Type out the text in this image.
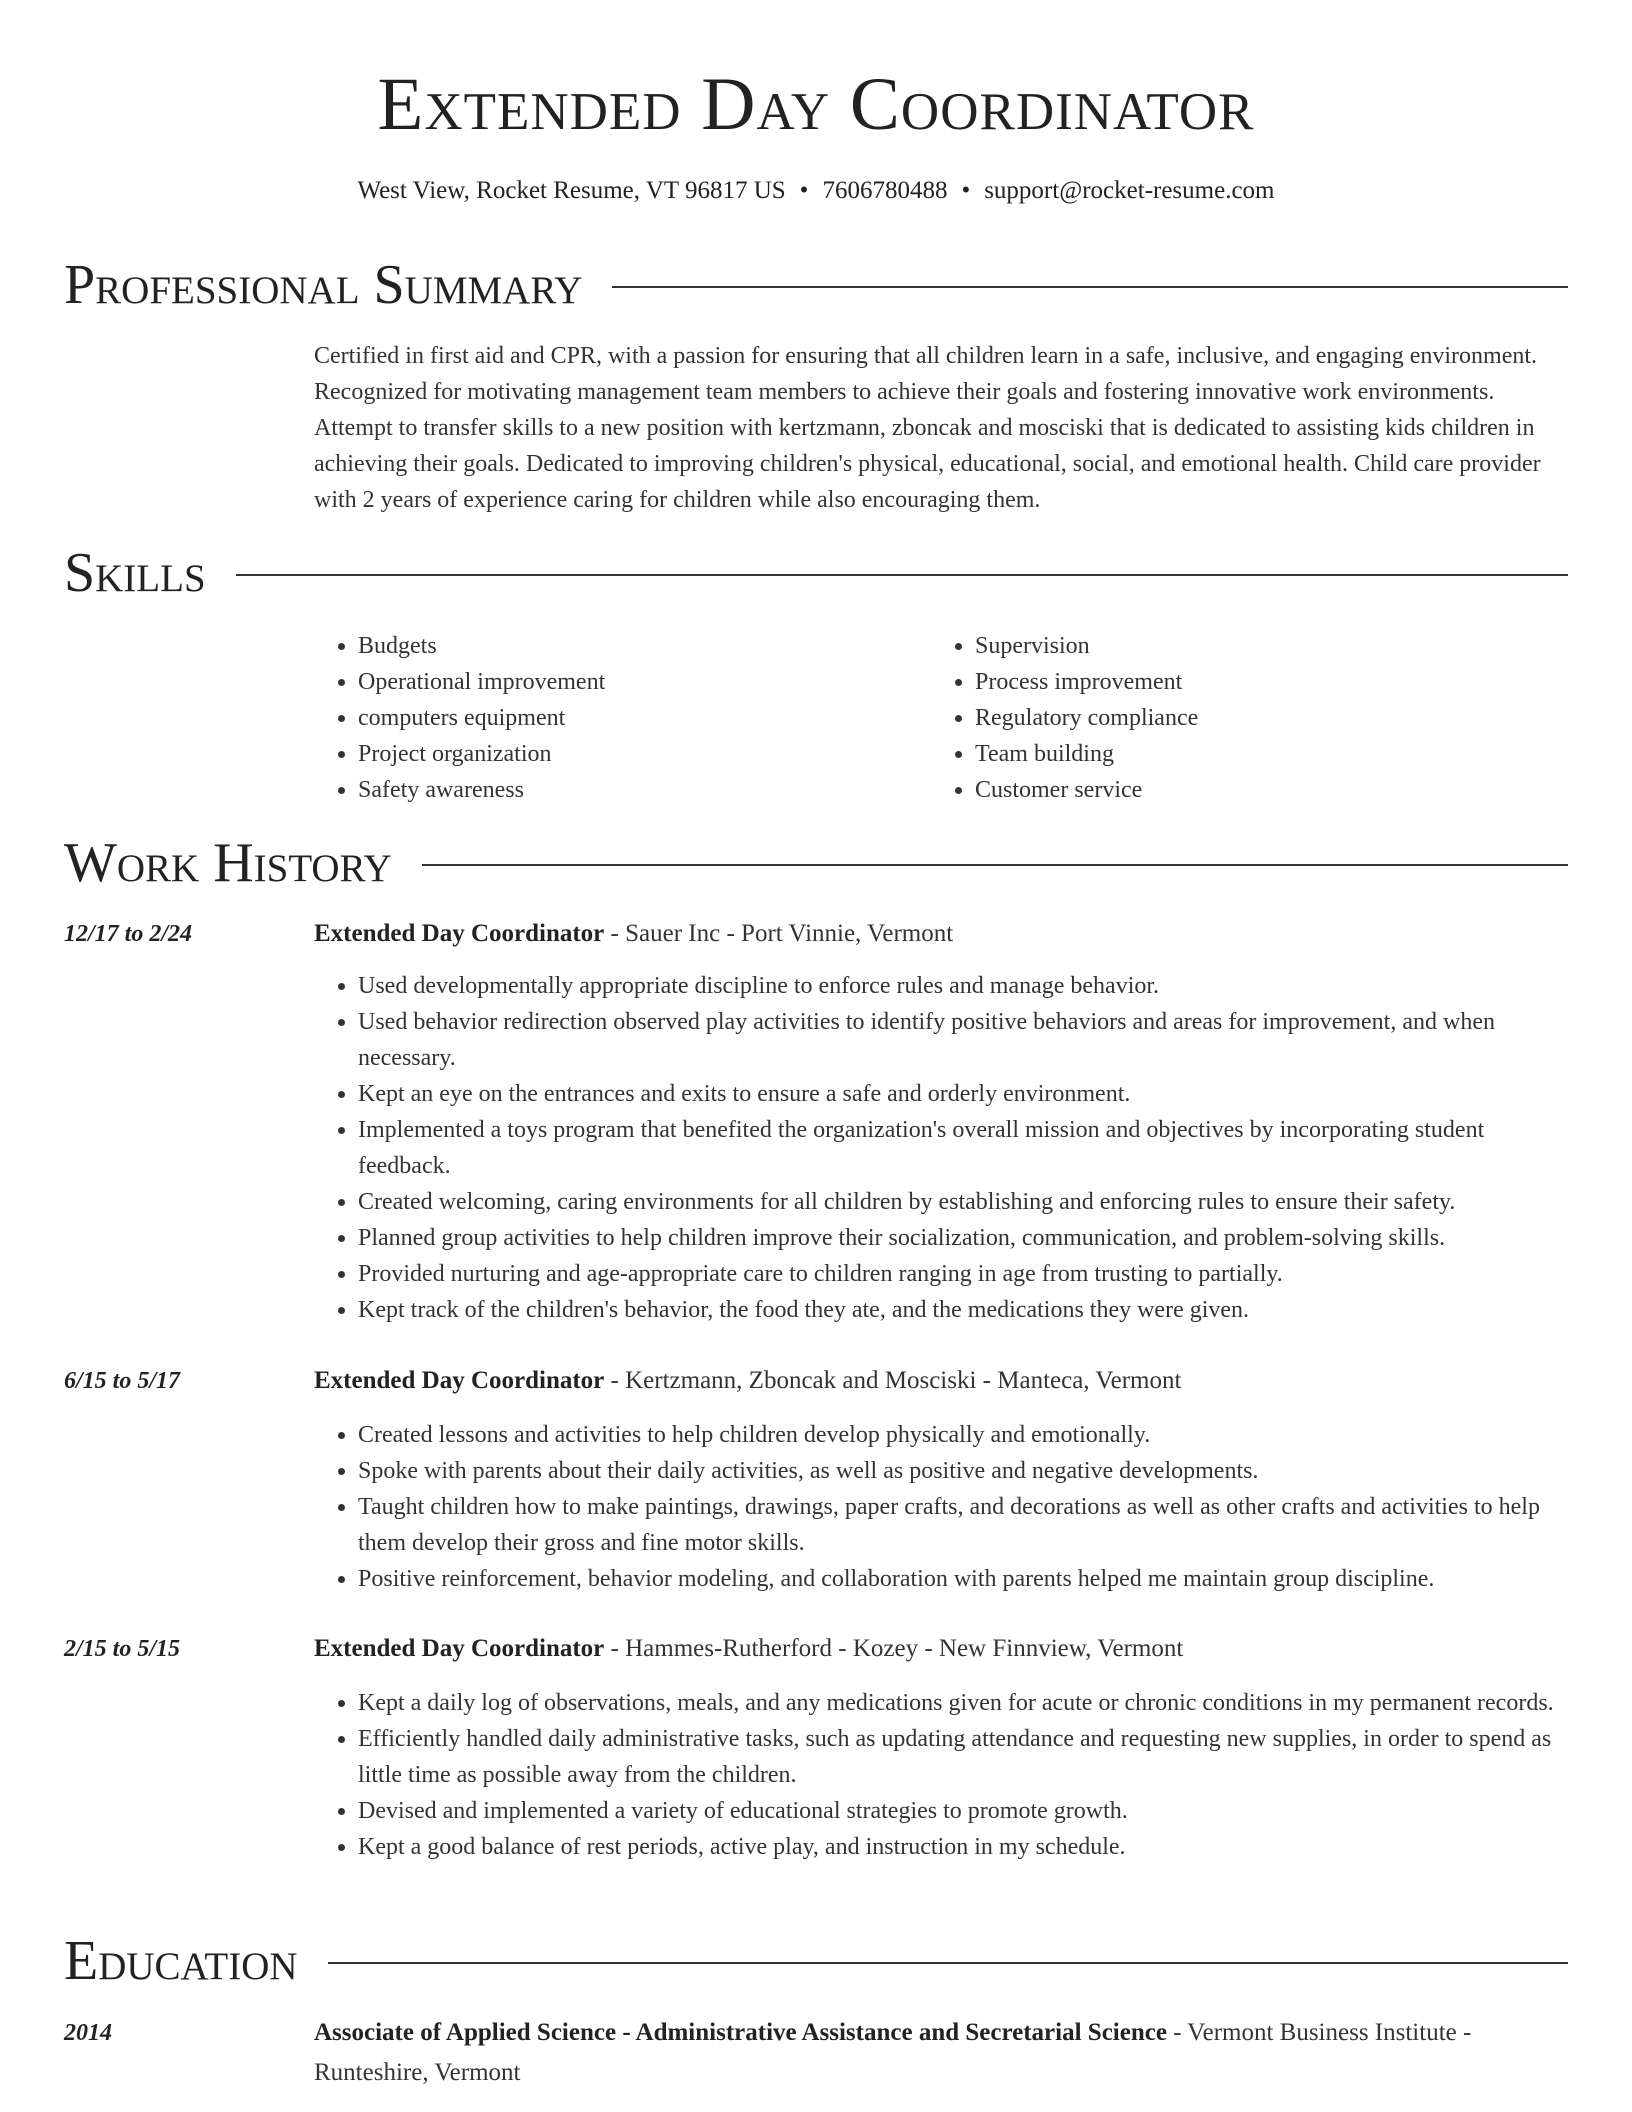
Extended Day Coordinator
West View, Rocket Resume, VT 96817 US • 7606780488 • support@rocket-resume.com
Professional Summary

Certified in first aid and CPR, with a passion for ensuring that all children learn in a safe, inclusive, and engaging environment. Recognized for motivating management team members to achieve their goals and fostering innovative work environments. Attempt to transfer skills to a new position with kertzmann, zboncak and mosciski that is dedicated to assisting kids children in achieving their goals. Dedicated to improving children's physical, educational, social, and emotional health. Child care provider with 2 years of experience caring for children while also encouraging them.

Skills
• Budgets
• Operational improvement
• computers equipment
• Project organization
• Safety awareness
• Supervision
• Process improvement
• Regulatory compliance
• Team building
• Customer service
Work History
12/17 to 2/24	Extended Day Coordinator - Sauer Inc - Port Vinnie, Vermont
• Used developmentally appropriate discipline to enforce rules and manage behavior.
• Used behavior redirection observed play activities to identify positive behaviors and areas for improvement, and when necessary.
• Kept an eye on the entrances and exits to ensure a safe and orderly environment.
• Implemented a toys program that benefited the organization's overall mission and objectives by incorporating student feedback.
• Created welcoming, caring environments for all children by establishing and enforcing rules to ensure their safety.
• Planned group activities to help children improve their socialization, communication, and problem-solving skills.
• Provided nurturing and age-appropriate care to children ranging in age from trusting to partially.
• Kept track of the children's behavior, the food they ate, and the medications they were given.
6/15 to 5/17	Extended Day Coordinator - Kertzmann, Zboncak and Mosciski - Manteca, Vermont
• Created lessons and activities to help children develop physically and emotionally.
• Spoke with parents about their daily activities, as well as positive and negative developments.
• Taught children how to make paintings, drawings, paper crafts, and decorations as well as other crafts and activities to help them develop their gross and fine motor skills.
• Positive reinforcement, behavior modeling, and collaboration with parents helped me maintain group discipline.
2/15 to 5/15	Extended Day Coordinator - Hammes-Rutherford - Kozey - New Finnview, Vermont
• Kept a daily log of observations, meals, and any medications given for acute or chronic conditions in my permanent records.
• Efficiently handled daily administrative tasks, such as updating attendance and requesting new supplies, in order to spend as little time as possible away from the children.
• Devised and implemented a variety of educational strategies to promote growth.
• Kept a good balance of rest periods, active play, and instruction in my schedule.
Education
2014	Associate of Applied Science - Administrative Assistance and Secretarial Science - Vermont Business Institute - Runteshire, Vermont
